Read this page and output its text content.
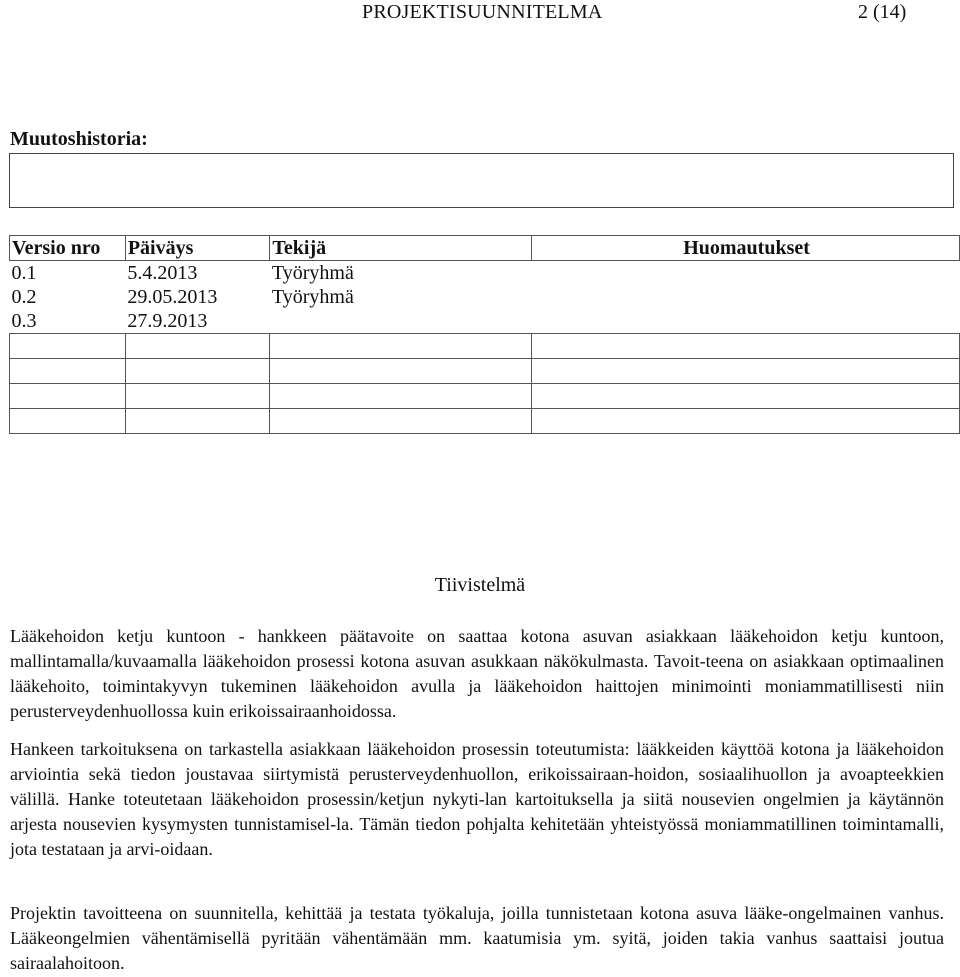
PROJEKTISUUNNITELMA	2 (14)
Muutoshistoria:
Versio nro	Päiväys	Tekijä	Huomautukset
0.1	5.4.2013	Työryhmä	
0.2	29.05.2013	Työryhmä	
0.3	27.9.2013		

Tiivistelmä

Lääkehoidon ketju kuntoon - hankkeen päätavoite on saattaa kotona asuvan asiakkaan lääkehoidon ketju kuntoon, mallintamalla/kuvaamalla lääkehoidon prosessi kotona asuvan asukkaan näkökulmasta. Tavoit-teena on asiakkaan optimaalinen lääkehoito, toimintakyvyn tukeminen lääkehoidon avulla ja lääkehoidon haittojen minimointi moniammatillisesti niin perusterveydenhuollossa kuin erikoissairaanhoidossa.

Hankeen tarkoituksena on tarkastella asiakkaan lääkehoidon prosessin toteutumista: lääkkeiden käyttöä kotona ja lääkehoidon arviointia sekä tiedon joustavaa siirtymistä perusterveydenhuollon, erikoissairaan-hoidon, sosiaalihuollon ja avoapteekkien välillä. Hanke toteutetaan lääkehoidon prosessin/ketjun nykyti-lan kartoituksella ja siitä nousevien ongelmien ja käytännön arjesta nousevien kysymysten tunnistamisel-la. Tämän tiedon pohjalta kehitetään yhteistyössä moniammatillinen toimintamalli, jota testataan ja arvi-oidaan.

Projektin tavoitteena on suunnitella, kehittää ja testata työkaluja, joilla tunnistetaan kotona asuva lääke-ongelmainen vanhus. Lääkeongelmien vähentämisellä pyritään vähentämään mm. kaatumisia ym. syitä, joiden takia vanhus saattaisi joutua sairaalahoitoon.
